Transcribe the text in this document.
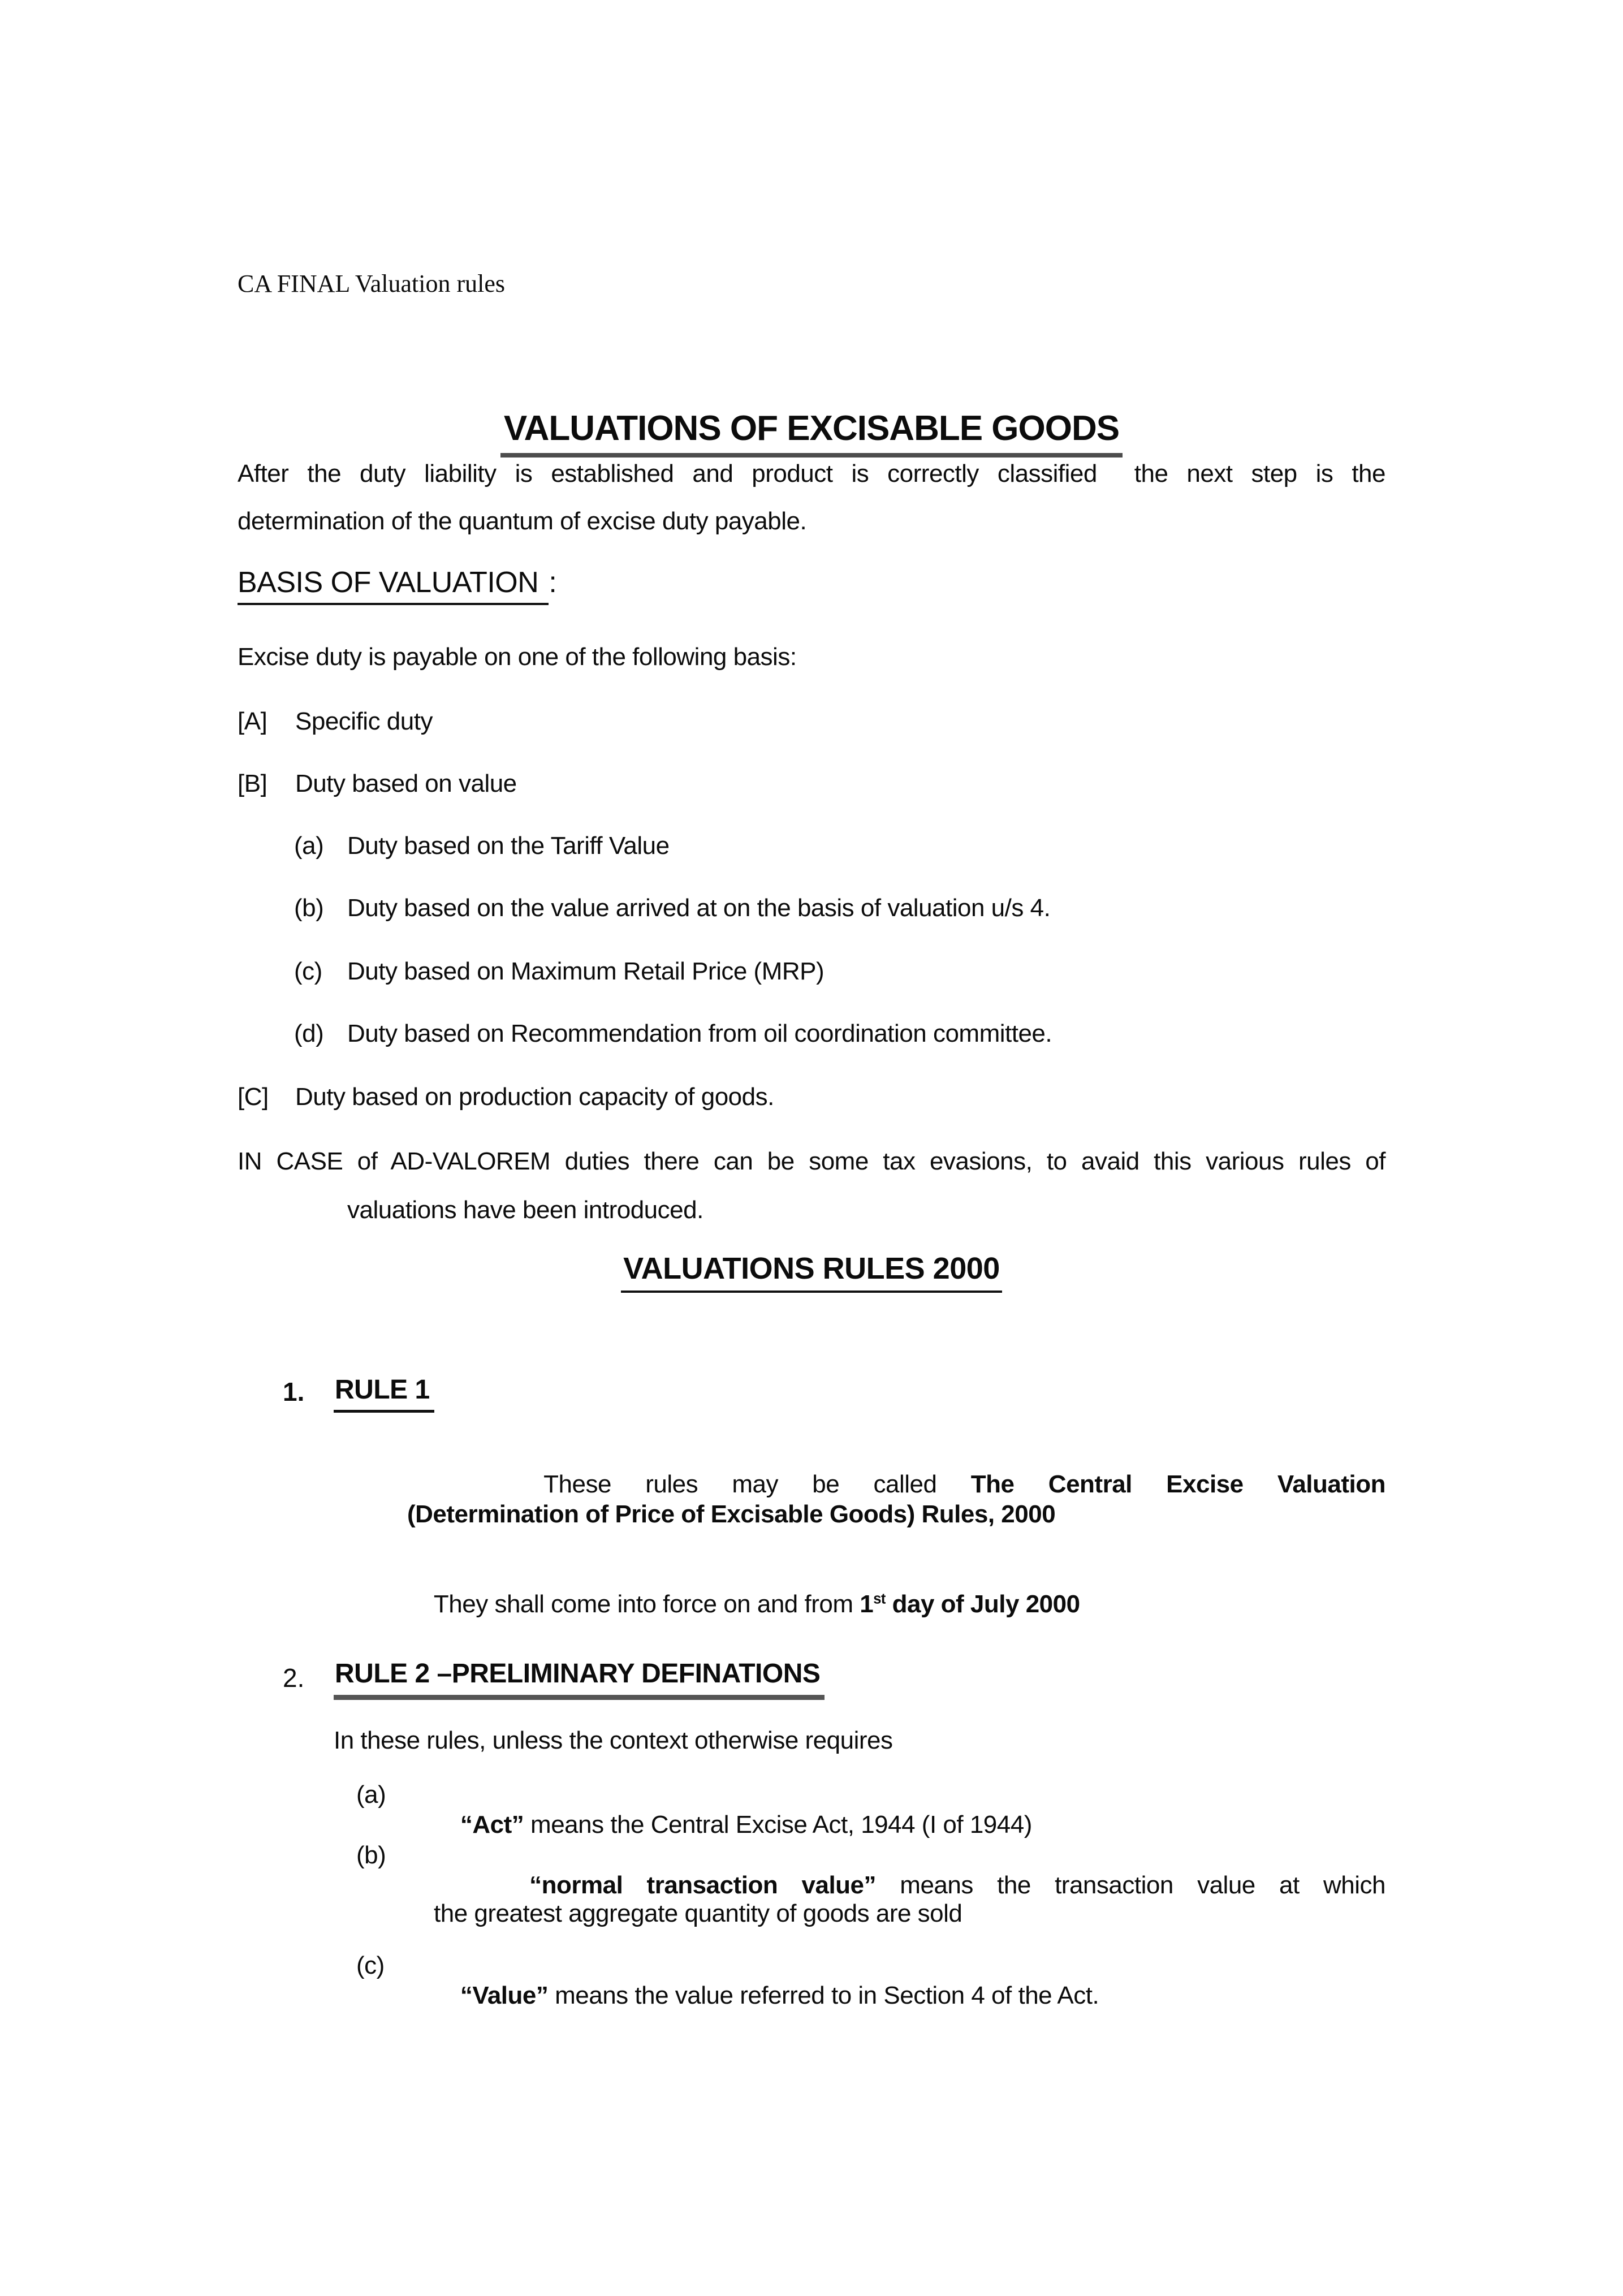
CA FINAL Valuation rules
VALUATIONS OF EXCISABLE GOODS
After the duty liability is established and product is correctly classified  the next step is the
determination of the quantum of excise duty payable.
BASIS OF VALUATION :
Excise duty is payable on one of the following basis:
[A] Specific duty
[B] Duty based on value
(a) Duty based on the Tariff Value
(b) Duty based on the value arrived at on the basis of valuation u/s 4.
(c) Duty based on Maximum Retail Price (MRP)
(d) Duty based on Recommendation from oil coordination committee.
[C] Duty based on production capacity of goods.
IN CASE of AD-VALOREM duties there can be some tax evasions, to avaid this various rules of
valuations have been introduced.
VALUATIONS RULES 2000
1. RULE 1

These rules may be called The Central Excise Valuation

(Determination of Price of Excisable Goods) Rules, 2000

They shall come into force on and from 1st day of July 2000

2. RULE 2 –PRELIMINARY DEFINATIONS
In these rules, unless the context otherwise requires
(a)

“Act” means the Central Excise Act, 1944 (I of 1944)

(b)

“normal transaction value” means the transaction value at which

the greatest aggregate quantity of goods are sold
(c)

“Value” means the value referred to in Section 4 of the Act.
